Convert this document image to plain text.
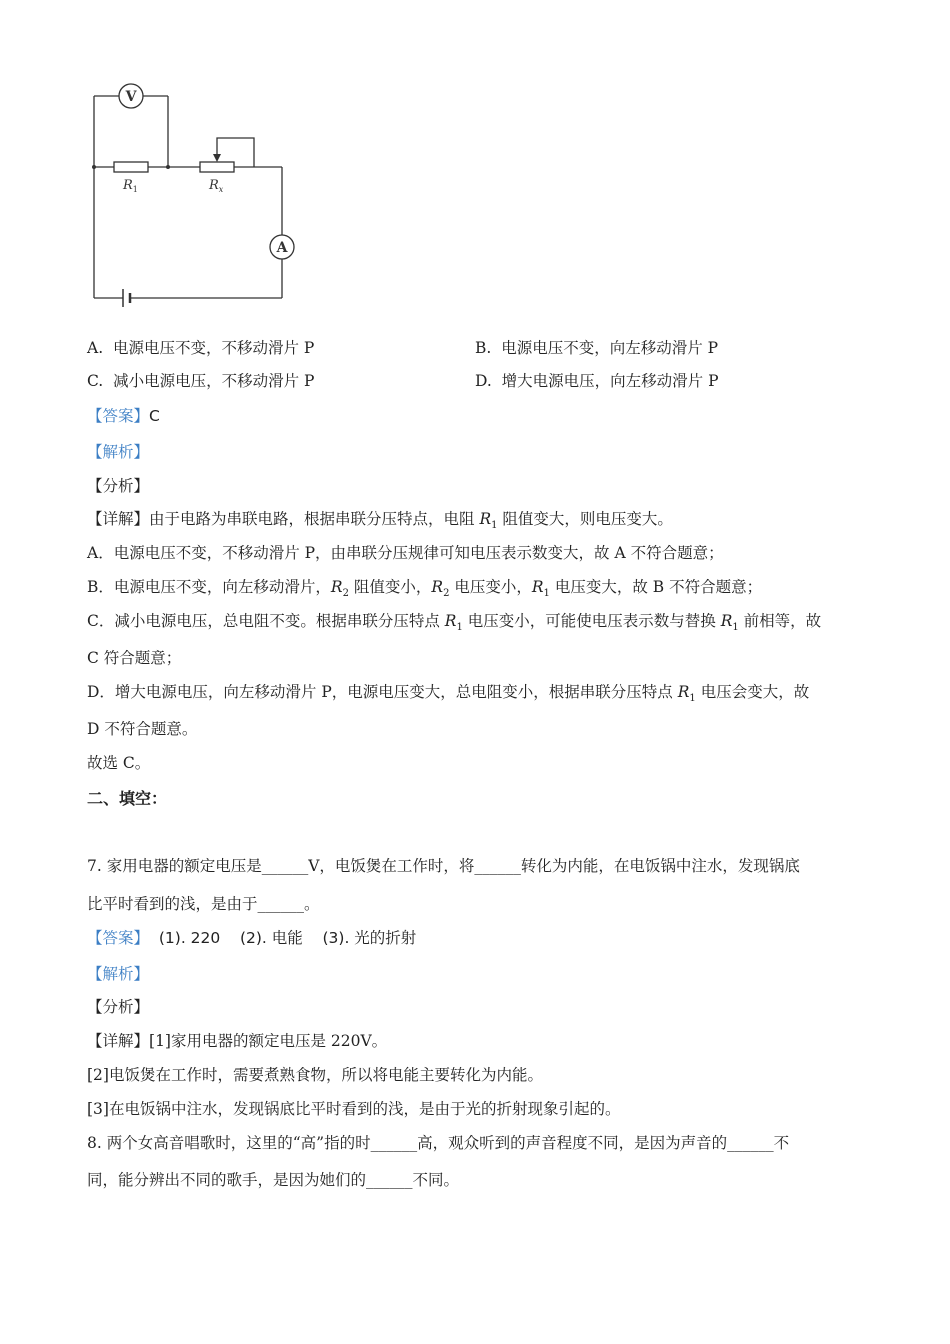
V
A
$R_1$	$R_x$
A. 电源电压不变，不移动滑片 P	B. 电源电压不变，向左移动滑片 P
C. 减小电源电压，不移动滑片 P	D. 增大电源电压，向左移动滑片 P
【答案】C
【解析】
【分析】
【详解】由于电路为串联电路，根据串联分压特点，电阻 $R_1$ 阻值变大，则电压变大。
A．电源电压不变，不移动滑片 P，由串联分压规律可知电压表示数变大，故 A 不符合题意；
B．电源电压不变，向左移动滑片，$R_2$ 阻值变小，$R_2$ 电压变小，$R_1$ 电压变大，故 B 不符合题意；
C．减小电源电压，总电阻不变。根据串联分压特点 $R_1$ 电压变小，可能使电压表示数与替换 $R_1$ 前相等，故
C 符合题意；
D．增大电源电压，向左移动滑片 P，电源电压变大，总电阻变小，根据串联分压特点 $R_1$ 电压会变大，故
D 不符合题意。
故选 C。
二、填空：
7. 家用电器的额定电压是______V，电饭煲在工作时，将______转化为内能，在电饭锅中注水，发现锅底
比平时看到的浅，是由于______。
【答案】 (1). 220    (2). 电能    (3). 光的折射
【解析】
【分析】
【详解】[1]家用电器的额定电压是 220V。
[2]电饭煲在工作时，需要煮熟食物，所以将电能主要转化为内能。
[3]在电饭锅中注水，发现锅底比平时看到的浅，是由于光的折射现象引起的。
8. 两个女高音唱歌时，这里的“高”指的时______高，观众听到的声音程度不同，是因为声音的______不
同，能分辨出不同的歌手，是因为她们的______不同。
